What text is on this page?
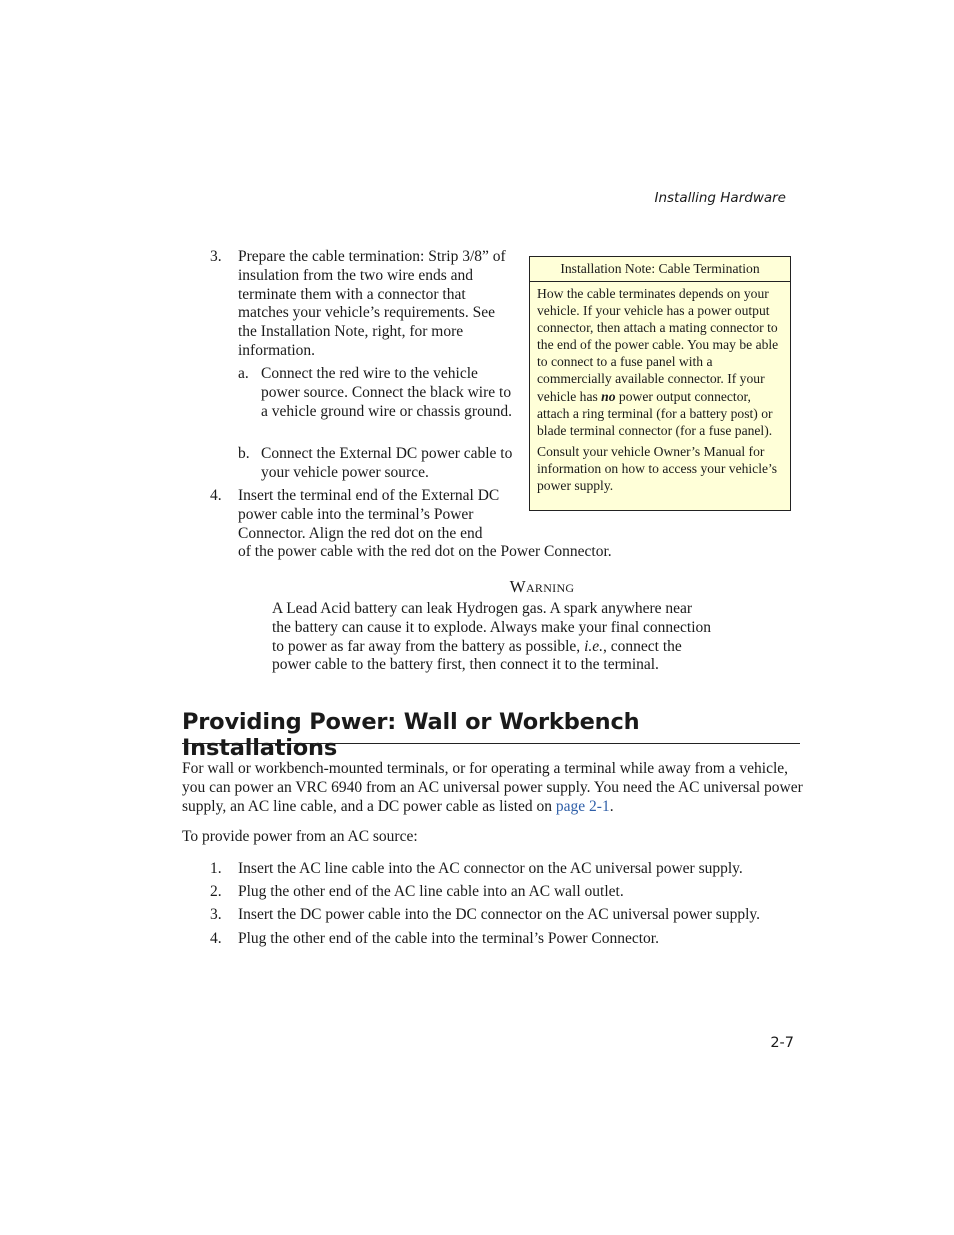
Installing Hardware
3.	Prepare the cable termination: Strip 3/8” of insulation from the two wire ends and terminate them with a connector that matches your vehicle’s requirements. See the Installation Note, right, for more information.
a. Connect the red wire to the vehicle power source. Connect the black wire to a vehicle ground wire or chassis ground.
b. Connect the External DC power cable to your vehicle power source.
4.	Insert the terminal end of the External DC power cable into the terminal’s Power Connector. Align the red dot on the end
of the power cable with the red dot on the Power Connector.
Installation Note: Cable Termination

How the cable terminates depends on your vehicle. If your vehicle has a power output connector, then attach a mating connector to the end of the power cable. You may be able to connect to a fuse panel with a commercially available connector. If your vehicle has no power output connector, attach a ring terminal (for a battery post) or blade terminal connector (for a fuse panel).

Consult your vehicle Owner’s Manual for information on how to access your vehicle’s power supply.

Warning
A Lead Acid battery can leak Hydrogen gas. A spark anywhere near the battery can cause it to explode. Always make your final connection to power as far away from the battery as possible, i.e., connect the power cable to the battery first, then connect it to the terminal.
Providing Power: Wall or Workbench Installations
For wall or workbench-mounted terminals, or for operating a terminal while away from a vehicle, you can power an VRC 6940 from an AC universal power supply. You need the AC universal power supply, an AC line cable, and a DC power cable as listed on page 2-1.
To provide power from an AC source:
1.	Insert the AC line cable into the AC connector on the AC universal power supply.
2.	Plug the other end of the AC line cable into an AC wall outlet.
3.	Insert the DC power cable into the DC connector on the AC universal power supply.
4.	Plug the other end of the cable into the terminal’s Power Connector.
2-7
